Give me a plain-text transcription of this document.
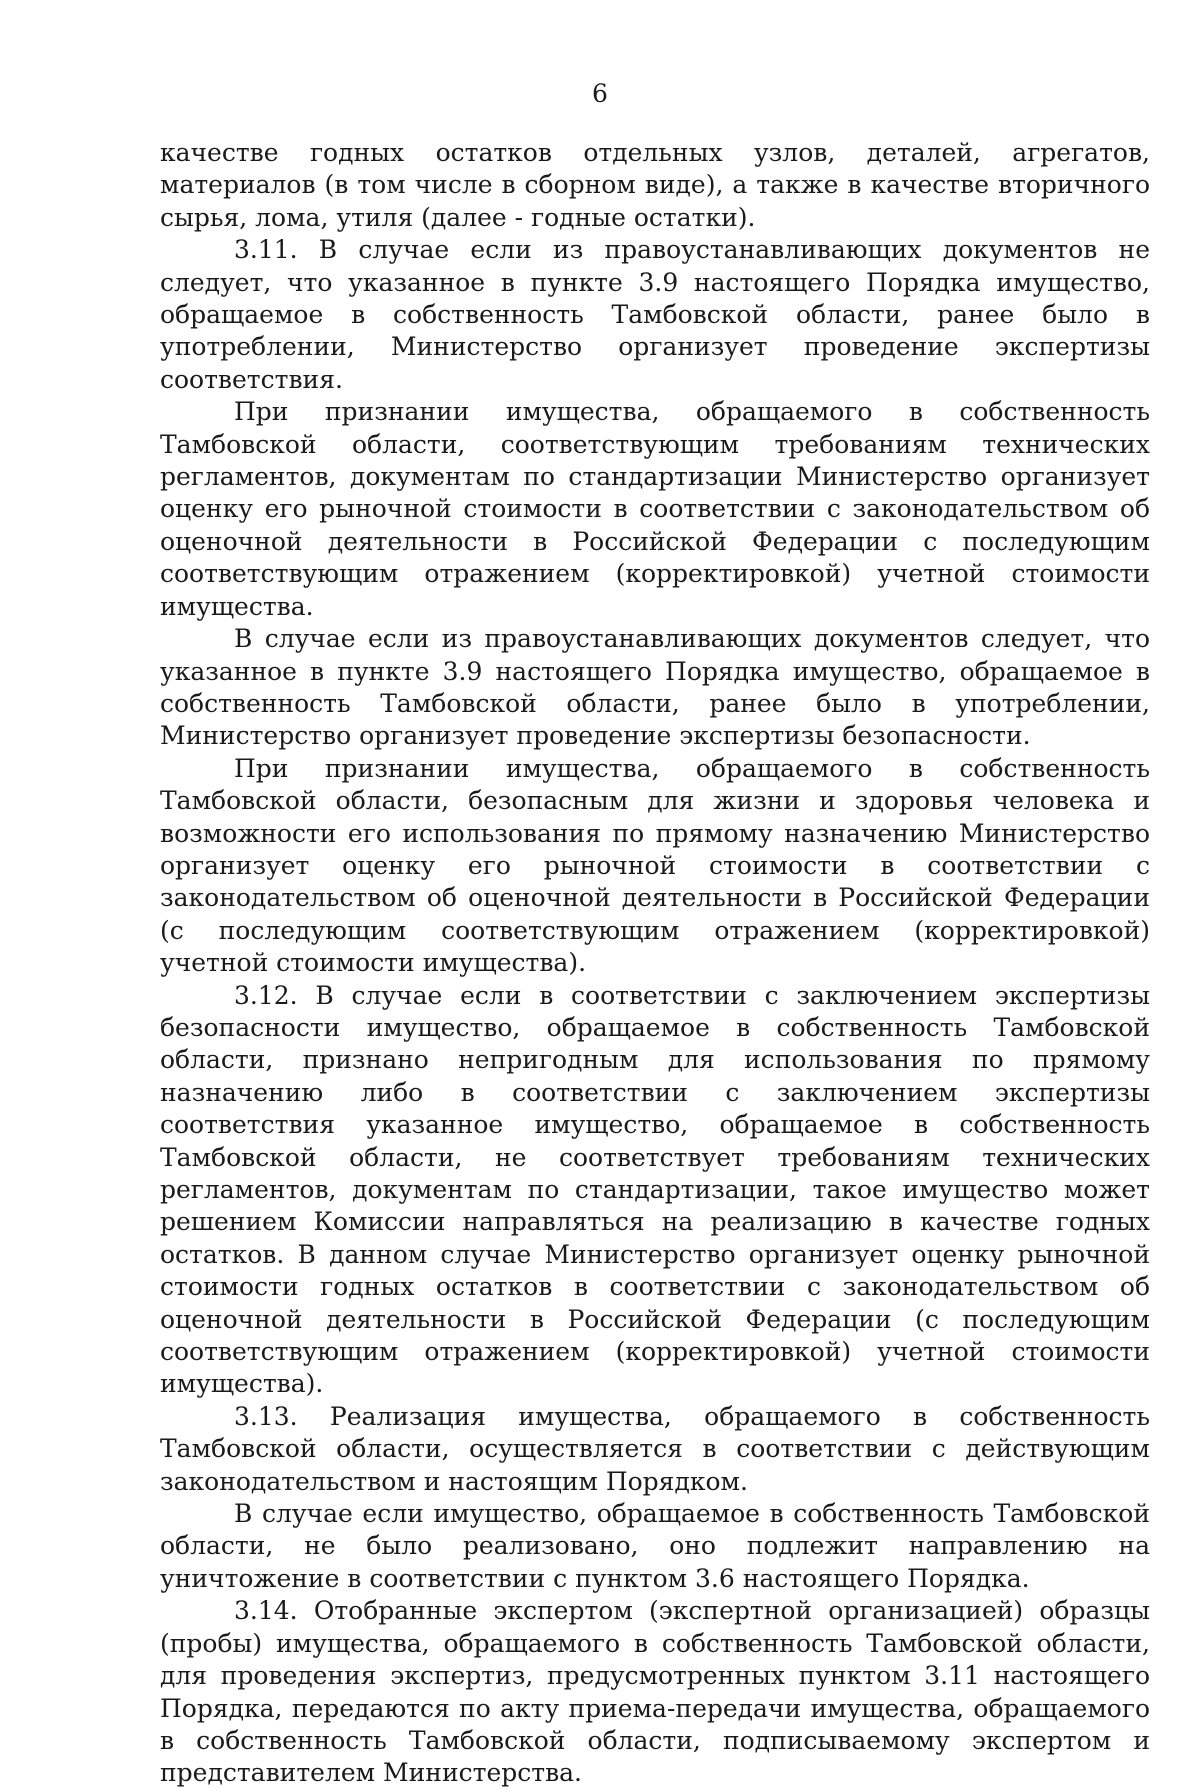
6

качестве годных остатков отдельных узлов, деталей, агрегатов, материалов (в том числе в сборном виде), а также в качестве вторичного сырья, лома, утиля (далее - годные остатки).

3.11. В случае если из правоустанавливающих документов не следует, что указанное в пункте 3.9 настоящего Порядка имущество, обращаемое в собственность Тамбовской области, ранее было в употреблении, Министерство организует проведение экспертизы соответствия.

При признании имущества, обращаемого в собственность Тамбовской области, соответствующим требованиям технических регламентов, документам по стандартизации Министерство организует оценку его рыночной стоимости в соответствии с законодательством об оценочной деятельности в Российской Федерации с последующим соответствующим отражением (корректировкой) учетной стоимости имущества.

В случае если из правоустанавливающих документов следует, что указанное в пункте 3.9 настоящего Порядка имущество, обращаемое в собственность Тамбовской области, ранее было в употреблении, Министерство организует проведение экспертизы безопасности.

При признании имущества, обращаемого в собственность Тамбовской области, безопасным для жизни и здоровья человека и возможности его использования по прямому назначению Министерство организует оценку его рыночной стоимости в соответствии с законодательством об оценочной деятельности в Российской Федерации (с последующим соответствующим отражением (корректировкой) учетной стоимости имущества).

3.12. В случае если в соответствии с заключением экспертизы безопасности имущество, обращаемое в собственность Тамбовской области, признано непригодным для использования по прямому назначению либо в соответствии с заключением экспертизы соответствия указанное имущество, обращаемое в собственность Тамбовской области, не соответствует требованиям технических регламентов, документам по стандартизации, такое имущество может решением Комиссии направляться на реализацию в качестве годных остатков. В данном случае Министерство организует оценку рыночной стоимости годных остатков в соответствии с законодательством об оценочной деятельности в Российской Федерации (с последующим соответствующим отражением (корректировкой) учетной стоимости имущества).

3.13. Реализация имущества, обращаемого в собственность Тамбовской области, осуществляется в соответствии с действующим законодательством и настоящим Порядком.

В случае если имущество, обращаемое в собственность Тамбовской области, не было реализовано, оно подлежит направлению на уничтожение в соответствии с пунктом 3.6 настоящего Порядка.

3.14. Отобранные экспертом (экспертной организацией) образцы (пробы) имущества, обращаемого в собственность Тамбовской области, для проведения экспертиз, предусмотренных пунктом 3.11 настоящего Порядка, передаются по акту приема-передачи имущества, обращаемого в собственность Тамбовской области, подписываемому экспертом и представителем Министерства.
